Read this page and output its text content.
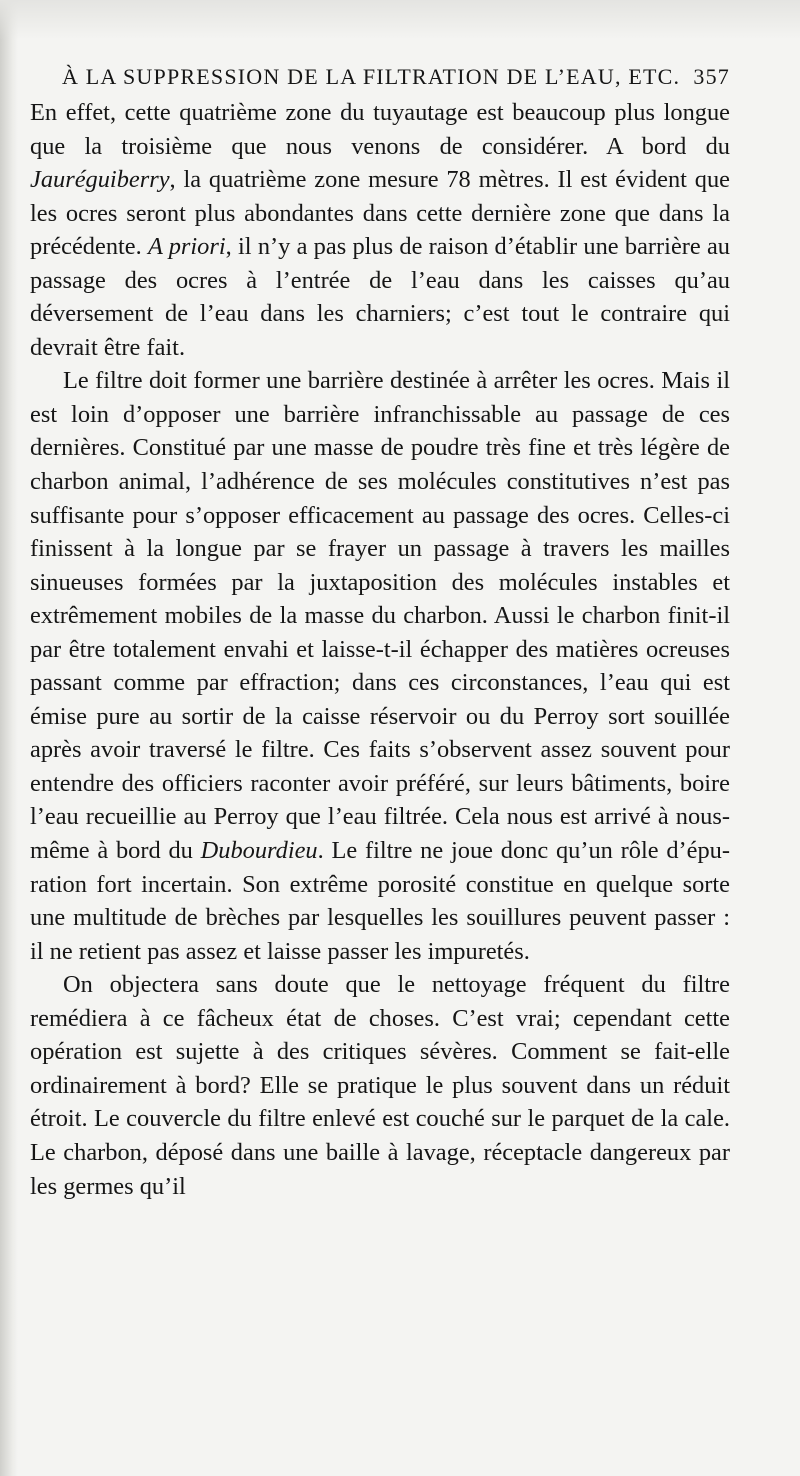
À LA SUPPRESSION DE LA FILTRATION DE L’EAU, ETC. 357

En effet, cette quatrième zone du tuyautage est beaucoup plus longue que la troisième que nous venons de considérer. A bord du Jauréguiberry, la quatrième zone mesure 78 mètres. Il est évident que les ocres seront plus abondantes dans cette dernière zone que dans la précédente. A priori, il n’y a pas plus de raison d’établir une barrière au passage des ocres à l’entrée de l’eau dans les caisses qu’au déversement de l’eau dans les charniers; c’est tout le contraire qui devrait être fait.

Le filtre doit former une barrière destinée à arrêter les ocres. Mais il est loin d’opposer une barrière infranchissable au passage de ces dernières. Constitué par une masse de poudre très fine et très légère de charbon animal, l’adhérence de ses molécules constitutives n’est pas suffisante pour s’opposer efficacement au passage des ocres. Celles-ci finissent à la longue par se frayer un passage à travers les mailles sinueuses formées par la juxtaposition des molécules instables et extrêmement mobiles de la masse du charbon. Aussi le charbon finit-il par être totalement envahi et laisse-t-il échapper des matières ocreuses passant comme par effraction; dans ces circonstances, l’eau qui est émise pure au sortir de la caisse réservoir ou du Perroy sort souillée après avoir traversé le filtre. Ces faits s’observent assez souvent pour entendre des officiers raconter avoir préféré, sur leurs bâtiments, boire l’eau recueillie au Perroy que l’eau filtrée. Cela nous est arrivé à nous-même à bord du Dubourdieu. Le filtre ne joue donc qu’un rôle d’épuration fort incertain. Son extrême porosité constitue en quelque sorte une multitude de brèches par lesquelles les souillures peuvent passer : il ne retient pas assez et laisse passer les impuretés.

On objectera sans doute que le nettoyage fréquent du filtre remédiera à ce fâcheux état de choses. C’est vrai; cependant cette opération est sujette à des critiques sévères. Comment se fait-elle ordinairement à bord? Elle se pratique le plus souvent dans un réduit étroit. Le couvercle du filtre enlevé est couché sur le parquet de la cale. Le charbon, déposé dans une baille à lavage, réceptacle dangereux par les germes qu’il
